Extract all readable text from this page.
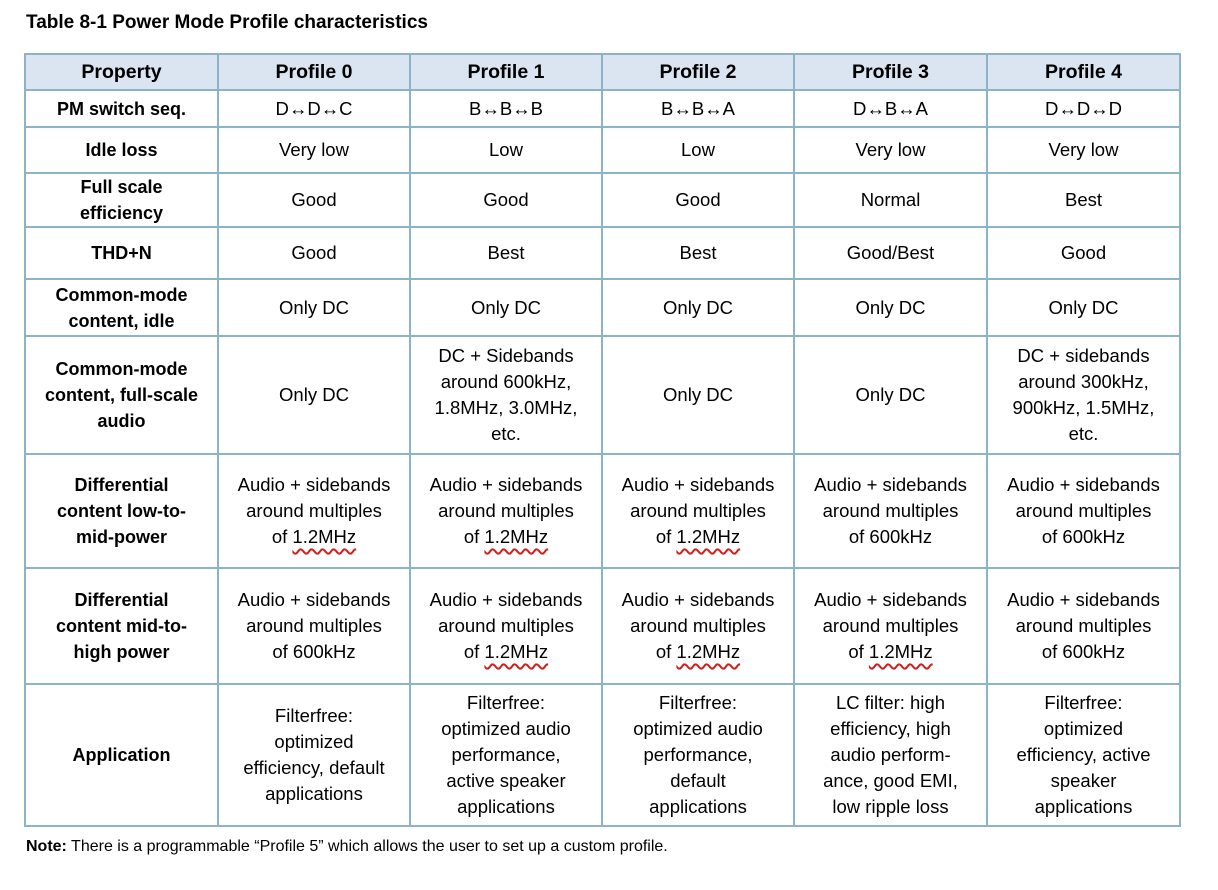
Table 8-1 Power Mode Profile characteristics
Property	Profile 0	Profile 1	Profile 2	Profile 3	Profile 4

PM switch seq.	D↔D↔C	B↔B↔B	B↔B↔A	D↔B↔A	D↔D↔D

Idle loss	Very low	Low	Low	Very low	Very low

Full scale
efficiency	Good	Good	Good	Normal	Best

THD+N	Good	Best	Best	Good/Best	Good

Common-mode
content, idle	Only DC	Only DC	Only DC	Only DC	Only DC

Common-mode
content, full-scale
audio	Only DC	DC + Sidebands
around 600kHz,
1.8MHz, 3.0MHz,
etc.	Only DC	Only DC	DC + sidebands
around 300kHz,
900kHz, 1.5MHz,
etc.

Differential
content low-to-
mid-power	Audio + sidebands
around multiples
of 1.2MHz	Audio + sidebands
around multiples
of 1.2MHz	Audio + sidebands
around multiples
of 1.2MHz	Audio + sidebands
around multiples
of 600kHz	Audio + sidebands
around multiples
of 600kHz

Differential
content mid-to-
high power	Audio + sidebands
around multiples
of 600kHz	Audio + sidebands
around multiples
of 1.2MHz	Audio + sidebands
around multiples
of 1.2MHz	Audio + sidebands
around multiples
of 1.2MHz	Audio + sidebands
around multiples
of 600kHz

Application	Filterfree:
optimized
efficiency, default
applications	Filterfree:
optimized audio
performance,
active speaker
applications	Filterfree:
optimized audio
performance,
default
applications	LC filter: high
efficiency, high
audio perform-
ance, good EMI,
low ripple loss	Filterfree:
optimized
efficiency, active
speaker
applications
Note: There is a programmable “Profile 5” which allows the user to set up a custom profile.
